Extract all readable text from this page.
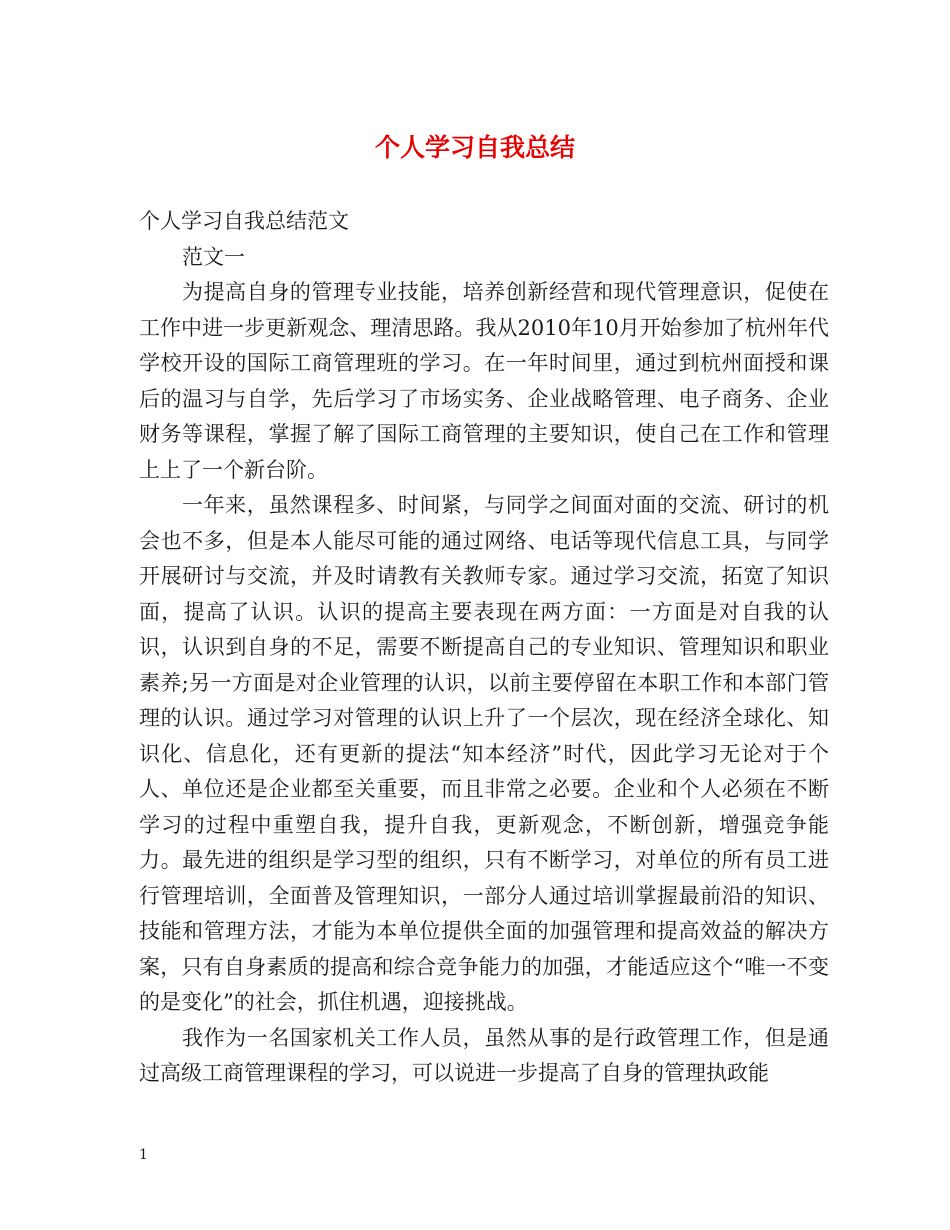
个人学习自我总结

个人学习自我总结范文

范文一

为提高自身的管理专业技能，培养创新经营和现代管理意识，促使在工作中进一步更新观念、理清思路。我从2010年10月开始参加了杭州年代学校开设的国际工商管理班的学习。在一年时间里，通过到杭州面授和课后的温习与自学，先后学习了市场实务、企业战略管理、电子商务、企业财务等课程，掌握了解了国际工商管理的主要知识，使自己在工作和管理上上了一个新台阶。

一年来，虽然课程多、时间紧，与同学之间面对面的交流、研讨的机会也不多，但是本人能尽可能的通过网络、电话等现代信息工具，与同学开展研讨与交流，并及时请教有关教师专家。通过学习交流，拓宽了知识面，提高了认识。认识的提高主要表现在两方面：一方面是对自我的认识，认识到自身的不足，需要不断提高自己的专业知识、管理知识和职业素养;另一方面是对企业管理的认识，以前主要停留在本职工作和本部门管理的认识。通过学习对管理的认识上升了一个层次，现在经济全球化、知识化、信息化，还有更新的提法“知本经济”时代，因此学习无论对于个人、单位还是企业都至关重要，而且非常之必要。企业和个人必须在不断学习的过程中重塑自我，提升自我，更新观念，不断创新，增强竞争能力。最先进的组织是学习型的组织，只有不断学习，对单位的所有员工进行管理培训，全面普及管理知识，一部分人通过培训掌握最前沿的知识、技能和管理方法，才能为本单位提供全面的加强管理和提高效益的解决方案，只有自身素质的提高和综合竞争能力的加强，才能适应这个“唯一不变的是变化”的社会，抓住机遇，迎接挑战。

我作为一名国家机关工作人员，虽然从事的是行政管理工作，但是通过高级工商管理课程的学习，可以说进一步提高了自身的管理执政能

1
